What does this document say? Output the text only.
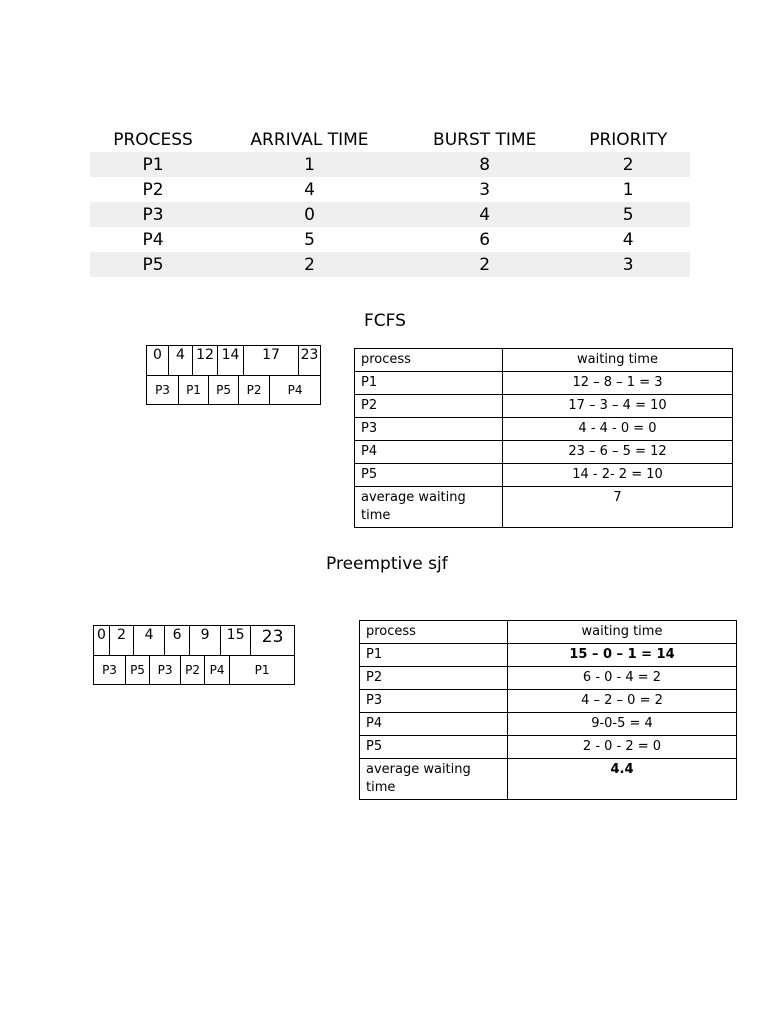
PROCESS	ARRIVAL TIME	BURST TIME	PRIORITY
P1	1	8	2
P2	4	3	1
P3	0	4	5
P4	5	6	4
P5	2	2	3
FCFS
0	4		12		14		17		23
P3		P1		P5		P2		P4	
process	waiting time
P1	12 – 8 – 1 = 3
P2	17 – 3 – 4 = 10
P3	4 - 4 - 0 = 0
P4	23 – 6 – 5 = 12
P5	14 - 2- 2 = 10
average waiting time	7
Preemptive sjf
0	2		4		6		9		15		23
P3		P5		P3		P2		P4		P1	
process	waiting time
P1	15 – 0 – 1 = 14
P2	6 - 0 - 4 = 2
P3	4 – 2 – 0 = 2
P4	9-0-5 = 4
P5	2 - 0 - 2 = 0
average waiting time	4.4
